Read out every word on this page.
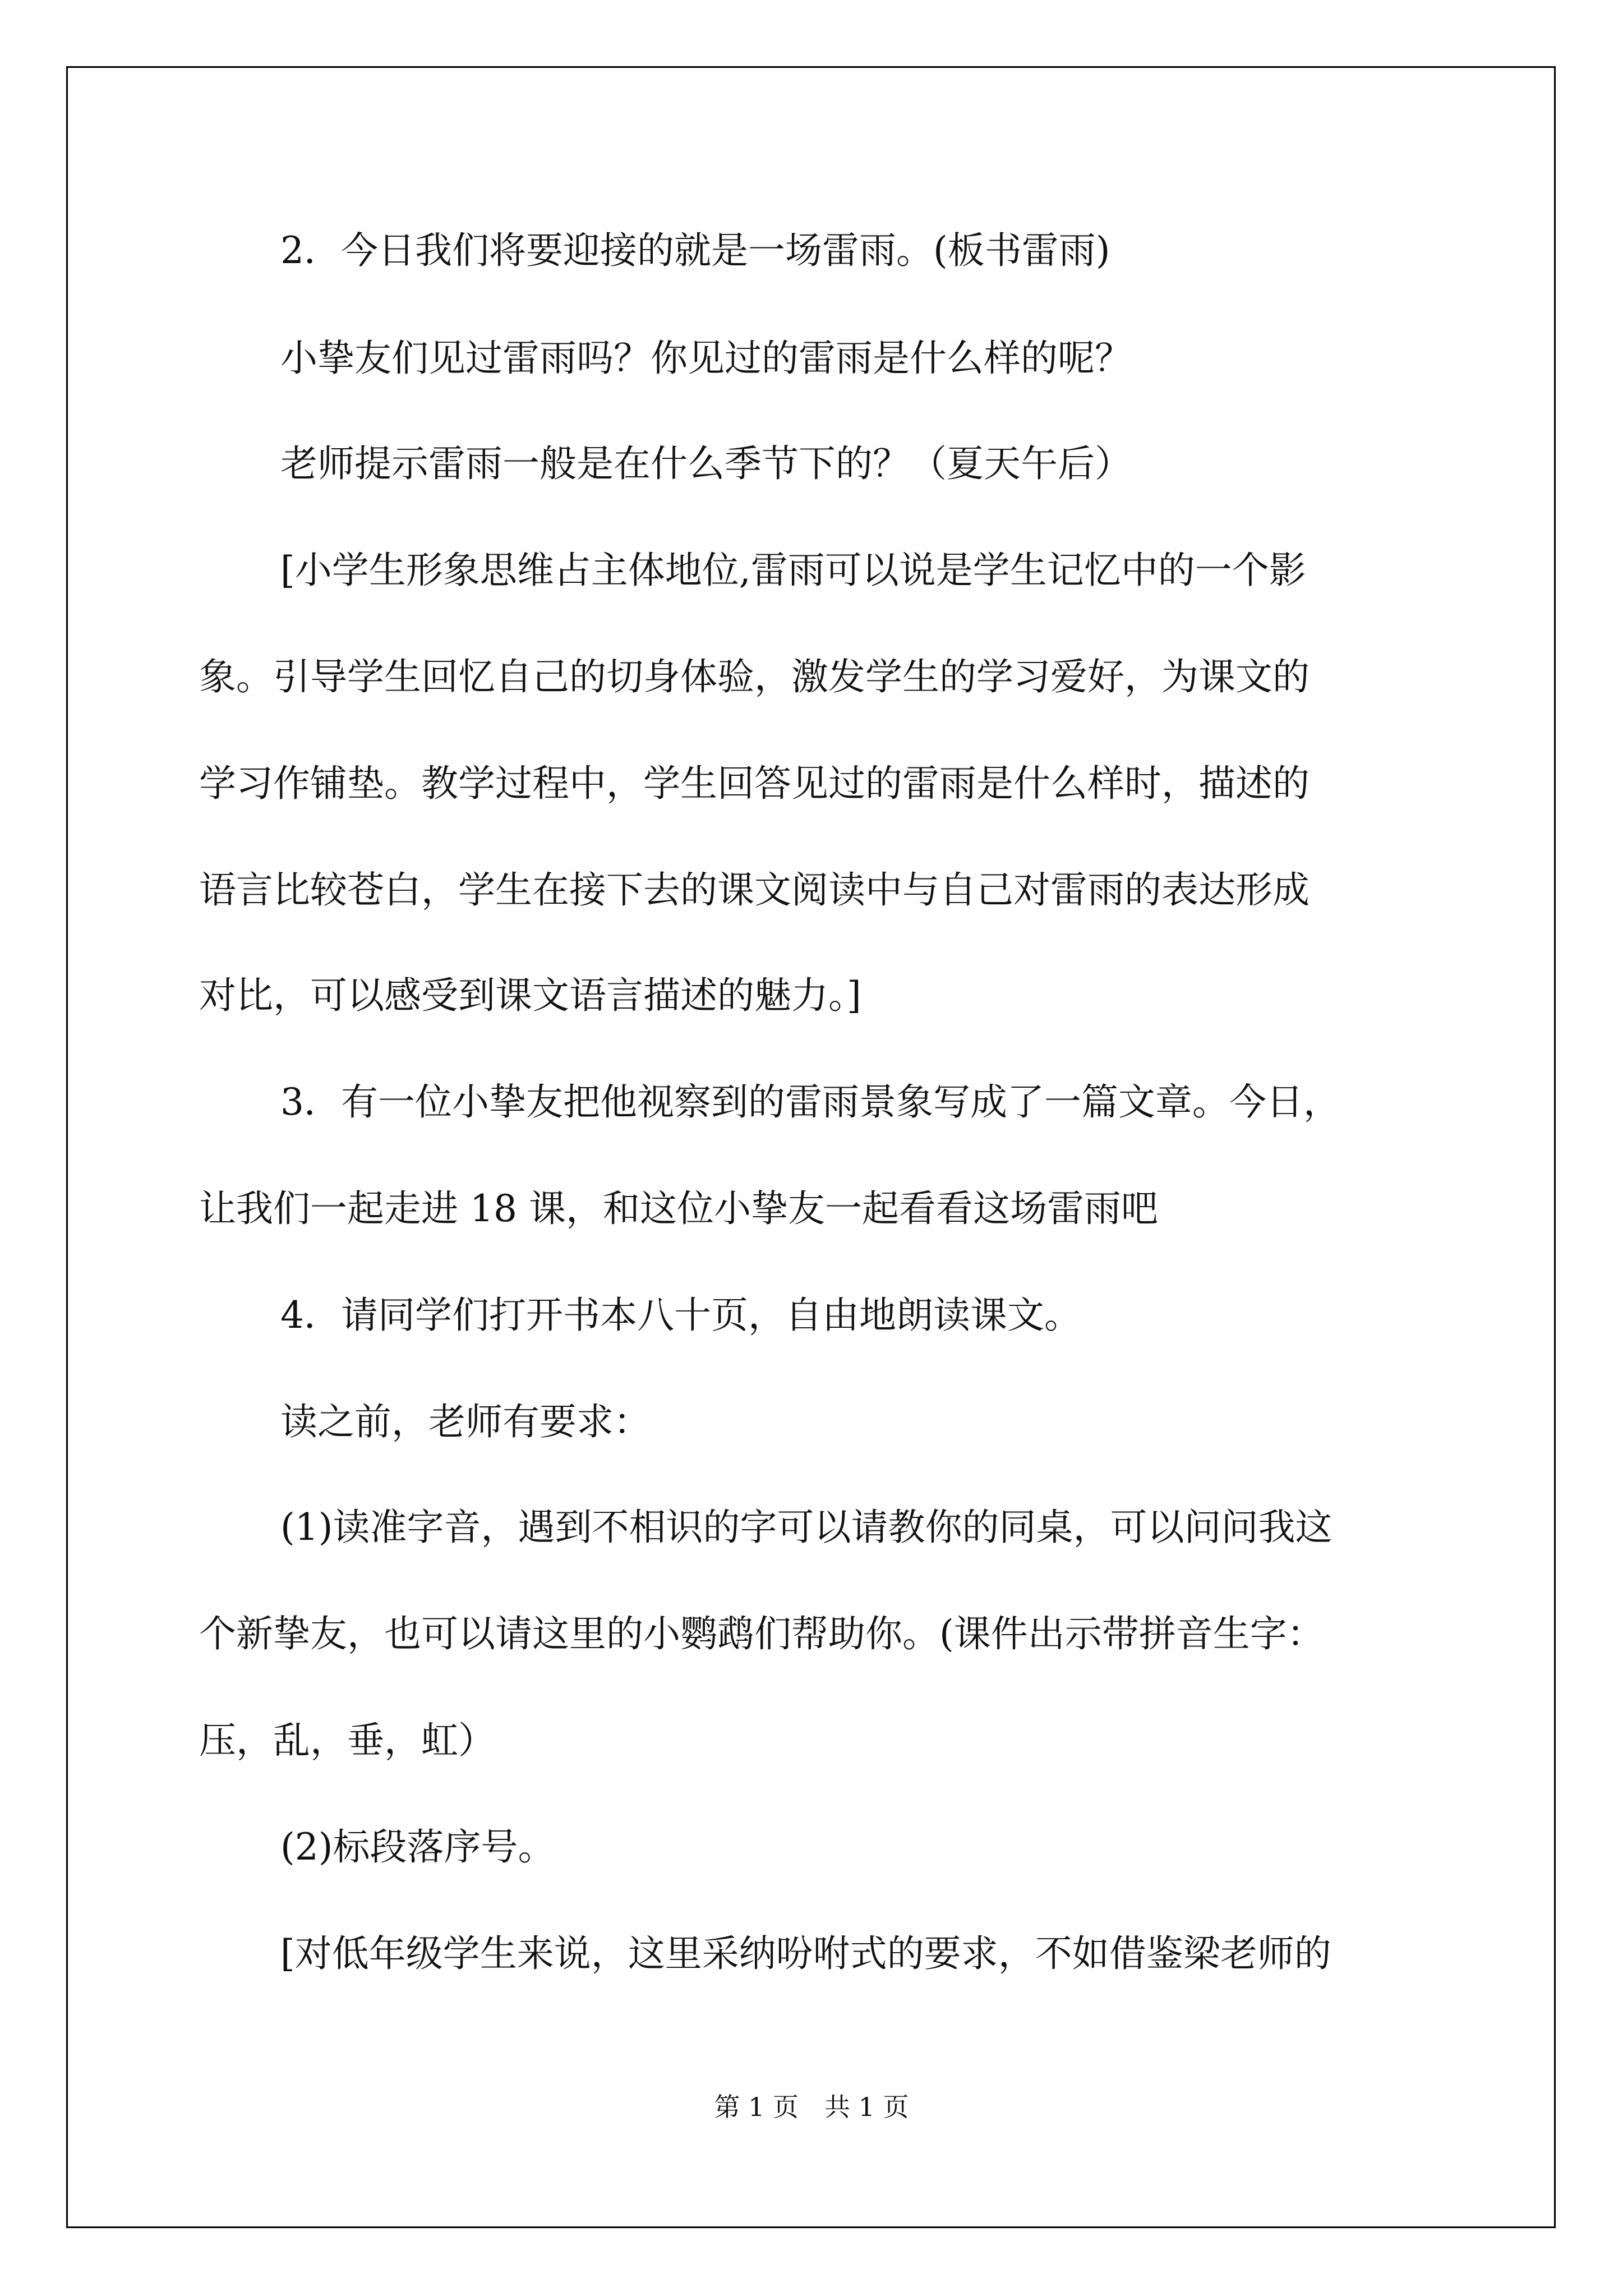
2．今日我们将要迎接的就是一场雷雨。(板书雷雨)
小挚友们见过雷雨吗？你见过的雷雨是什么样的呢？
老师提示雷雨一般是在什么季节下的？（夏天午后）
[小学生形象思维占主体地位,雷雨可以说是学生记忆中的一个影
象。引导学生回忆自己的切身体验，激发学生的学习爱好，为课文的
学习作铺垫。教学过程中，学生回答见过的雷雨是什么样时，描述的
语言比较苍白，学生在接下去的课文阅读中与自己对雷雨的表达形成
对比，可以感受到课文语言描述的魅力。]
3．有一位小挚友把他视察到的雷雨景象写成了一篇文章。今日，
让我们一起走进 18 课，和这位小挚友一起看看这场雷雨吧
4．请同学们打开书本八十页，自由地朗读课文。
读之前，老师有要求：
(1)读准字音，遇到不相识的字可以请教你的同桌，可以问问我这
个新挚友，也可以请这里的小鹦鹉们帮助你。(课件出示带拼音生字：
压，乱，垂，虹）
(2)标段落序号。
[对低年级学生来说，这里采纳吩咐式的要求，不如借鉴梁老师的
第 1 页　共 1 页
